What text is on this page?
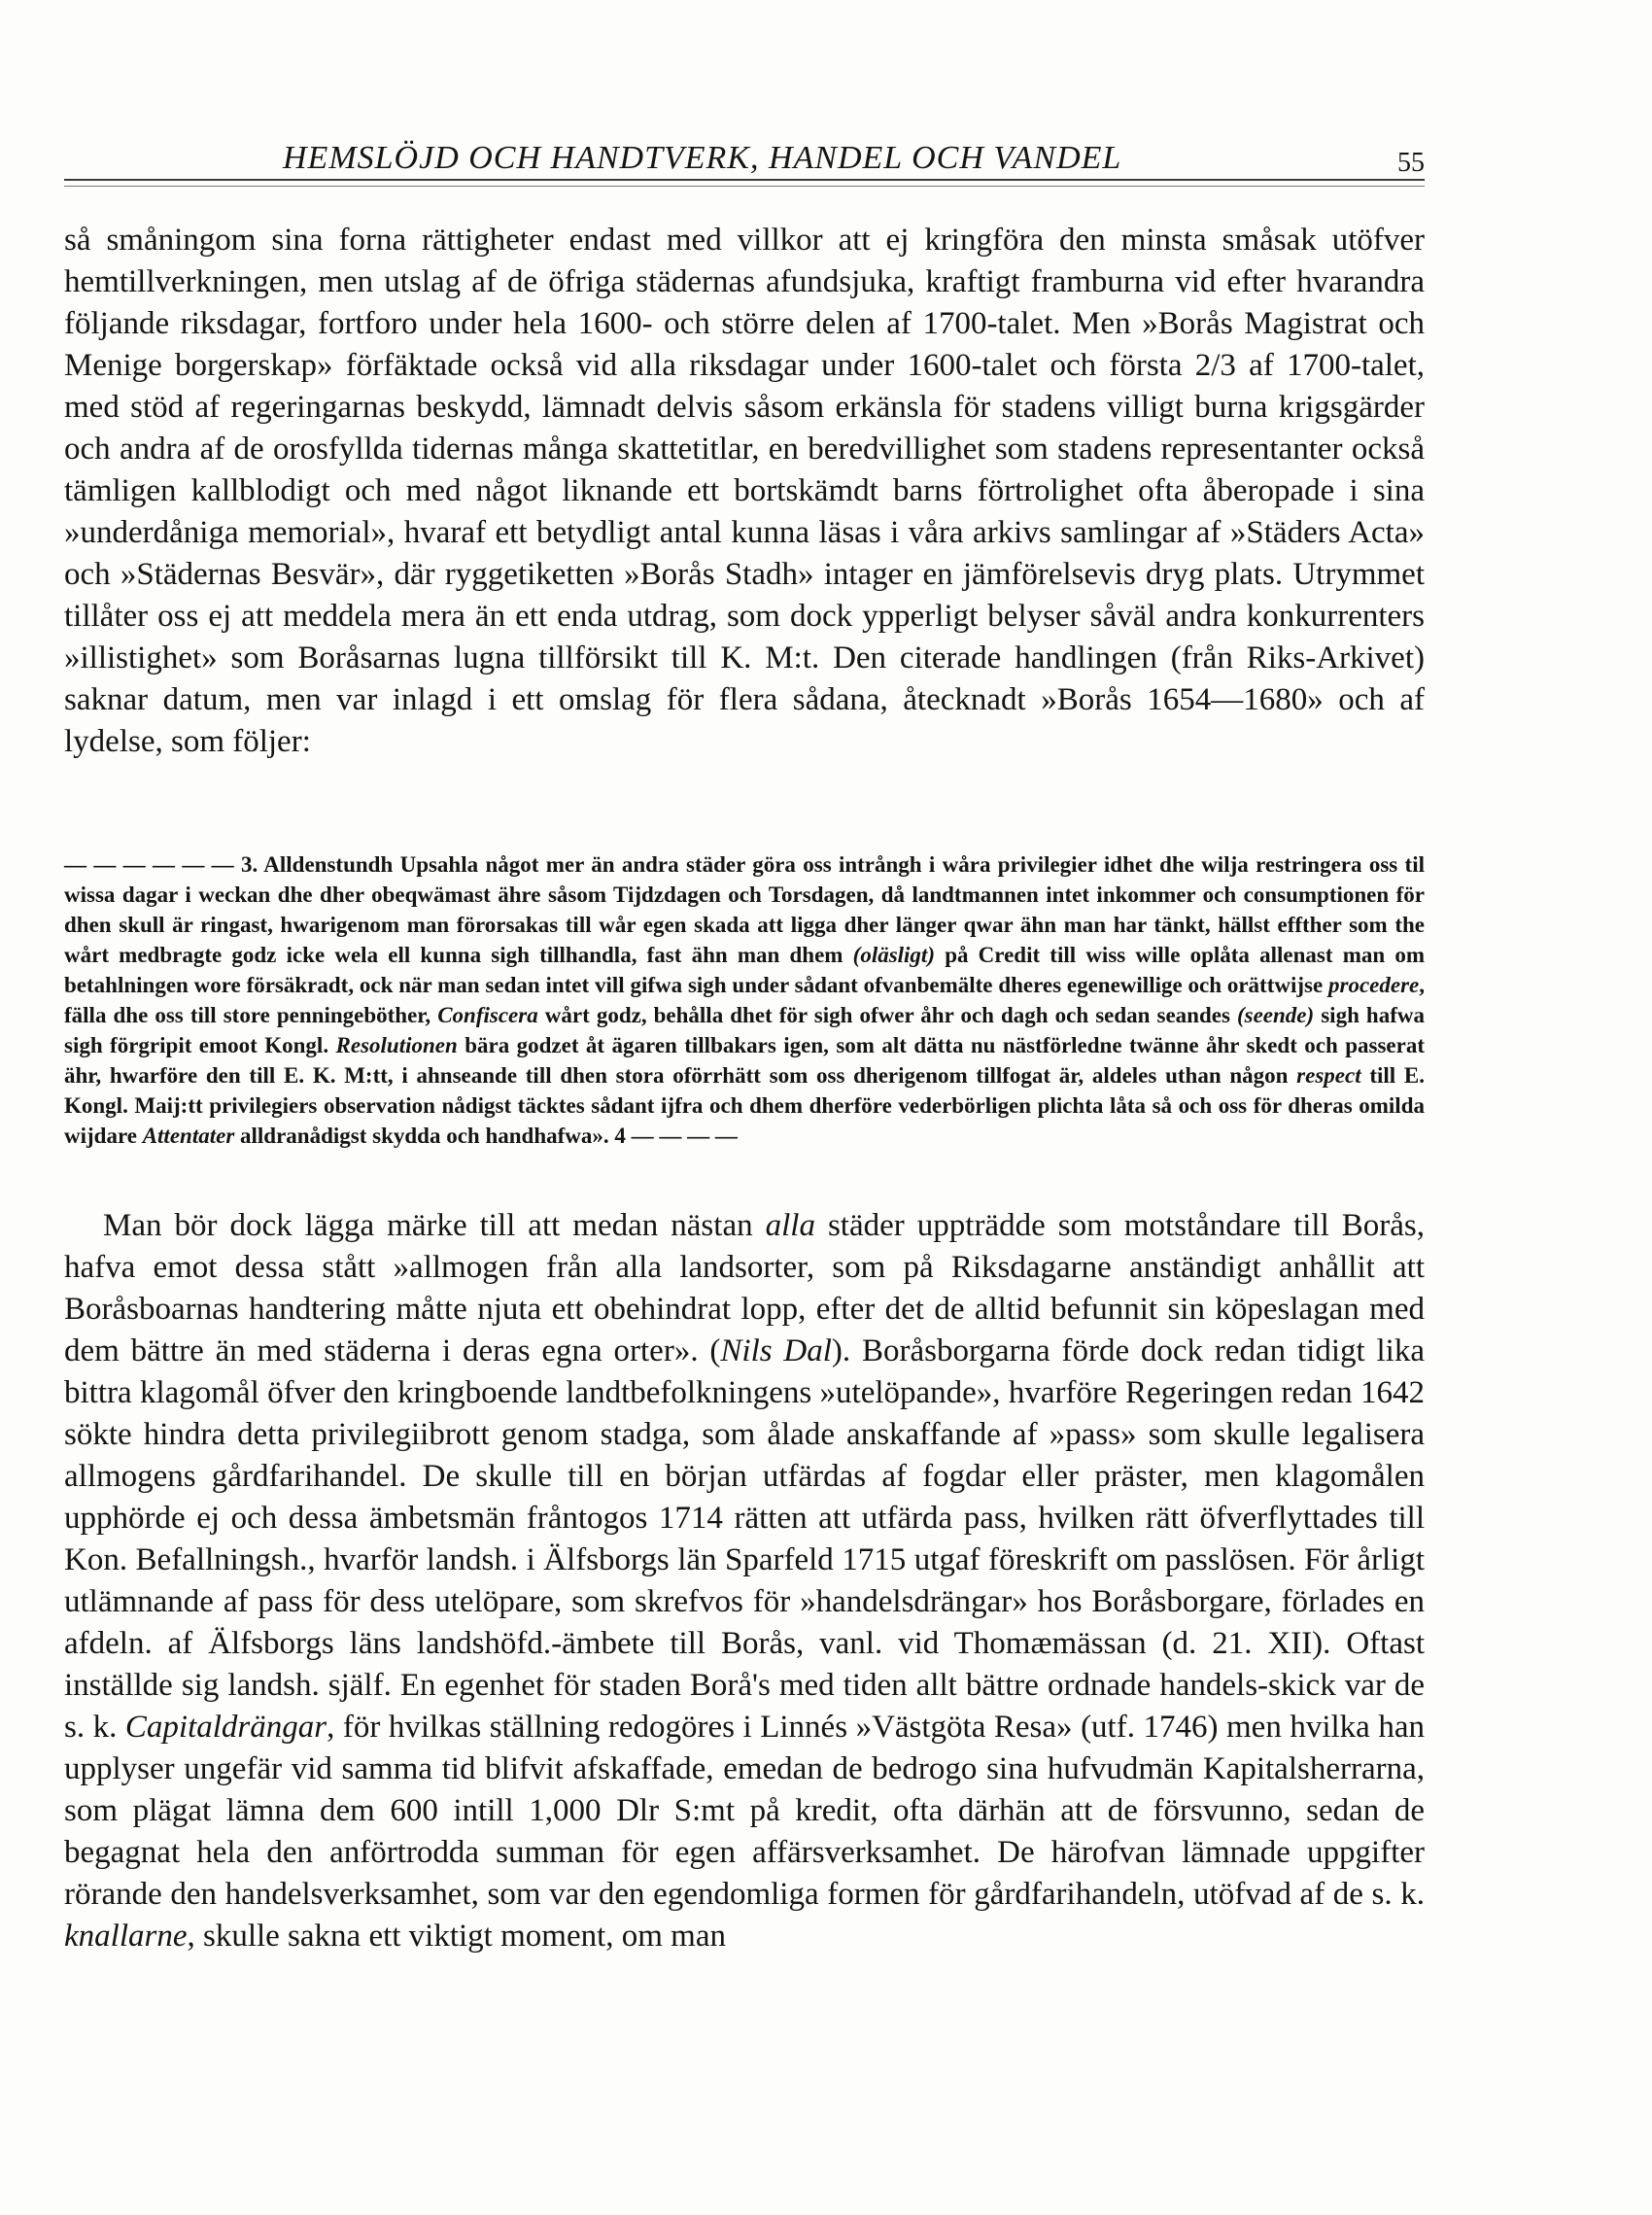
HEMSLÖJD OCH HANDTVERK, HANDEL OCH VANDEL	55

så småningom sina forna rättigheter endast med villkor att ej kringföra den minsta småsak utöfver hemtillverkningen, men utslag af de öfriga städernas afundsjuka, kraftigt framburna vid efter hvarandra följande riksdagar, fortforo under hela 1600- och större delen af 1700-talet. Men »Borås Magistrat och Menige borgerskap» förfäktade också vid alla riksdagar under 1600-talet och första 2/3 af 1700-talet, med stöd af regeringarnas beskydd, lämnadt delvis såsom erkänsla för stadens villigt burna krigsgärder och andra af de orosfyllda tidernas många skattetitlar, en beredvillighet som stadens representanter också tämligen kallblodigt och med något liknande ett bortskämdt barns förtrolighet ofta åberopade i sina »underdåniga memorial», hvaraf ett betydligt antal kunna läsas i våra arkivs samlingar af »Städers Acta» och »Städernas Besvär», där ryggetiketten »Borås Stadh» intager en jämförelsevis dryg plats. Utrymmet tillåter oss ej att meddela mera än ett enda utdrag, som dock ypperligt belyser såväl andra konkurrenters »illistighet» som Boråsarnas lugna tillförsikt till K. M:t. Den citerade handlingen (från Riks-Arkivet) saknar datum, men var inlagd i ett omslag för flera sådana, åtecknadt »Borås 1654—1680» och af lydelse, som följer:

— — — — — — 3. Alldenstundh Upsahla något mer än andra städer göra oss intrångh i wåra privilegier idhet dhe wilja restringera oss til wissa dagar i weckan dhe dher obeqwämast ähre såsom Tijdzdagen och Torsdagen, då landtmannen intet inkommer och consumptionen för dhen skull är ringast, hwarigenom man förorsakas till wår egen skada att ligga dher länger qwar ähn man har tänkt, hällst effther som the wårt medbragte godz icke wela ell kunna sigh tillhandla, fast ähn man dhem (oläsligt) på Credit till wiss wille oplåta allenast man om betahlningen wore försäkradt, ock när man sedan intet vill gifwa sigh under sådant ofvanbemälte dheres egenewillige och orättwijse procedere, fälla dhe oss till store penningeböther, Confiscera wårt godz, behålla dhet för sigh ofwer åhr och dagh och sedan seandes (seende) sigh hafwa sigh förgripit emoot Kongl. Resolutionen bära godzet åt ägaren tillbakars igen, som alt dätta nu nästförledne twänne åhr skedt och passerat ähr, hwarföre den till E. K. M:tt, i ahnseande till dhen stora oförrhätt som oss dherigenom tillfogat är, aldeles uthan någon respect till E. Kongl. Maij:tt privilegiers observation nådigst täcktes sådant ijfra och dhem dherföre vederbörligen plichta låta så och oss för dheras omilda wijdare Attentater alldranådigst skydda och handhafwa». 4 — — — —

Man bör dock lägga märke till att medan nästan alla städer uppträdde som motståndare till Borås, hafva emot dessa stått »allmogen från alla landsorter, som på Riksdagarne anständigt anhållit att Boråsboarnas handtering måtte njuta ett obehindrat lopp, efter det de alltid befunnit sin köpeslagan med dem bättre än med städerna i deras egna orter». (Nils Dal). Boråsborgarna förde dock redan tidigt lika bittra klagomål öfver den kringboende landtbefolkningens »utelöpande», hvarföre Regeringen redan 1642 sökte hindra detta privilegiibrott genom stadga, som ålade anskaffande af »pass» som skulle legalisera allmogens gårdfarihandel. De skulle till en början utfärdas af fogdar eller präster, men klagomålen upphörde ej och dessa ämbetsmän fråntogos 1714 rätten att utfärda pass, hvilken rätt öfverflyttades till Kon. Befallningsh., hvarför landsh. i Älfsborgs län Sparfeld 1715 utgaf föreskrift om passlösen. För årligt utlämnande af pass för dess utelöpare, som skrefvos för »handelsdrängar» hos Boråsborgare, förlades en afdeln. af Älfsborgs läns landshöfd.-ämbete till Borås, vanl. vid Thomæmässan (d. 21. XII). Oftast inställde sig landsh. själf. En egenhet för staden Borå's med tiden allt bättre ordnade handels-skick var de s. k. Capitaldrängar, för hvilkas ställning redogöres i Linnés »Västgöta Resa» (utf. 1746) men hvilka han upplyser ungefär vid samma tid blifvit afskaffade, emedan de bedrogo sina hufvudmän Kapitalsherrarna, som plägat lämna dem 600 intill 1,000 Dlr S:mt på kredit, ofta därhän att de försvunno, sedan de begagnat hela den anförtrodda summan för egen affärsverksamhet. De härofvan lämnade uppgifter rörande den handelsverksamhet, som var den egendomliga formen för gårdfarihandeln, utöfvad af de s. k. knallarne, skulle sakna ett viktigt moment, om man
